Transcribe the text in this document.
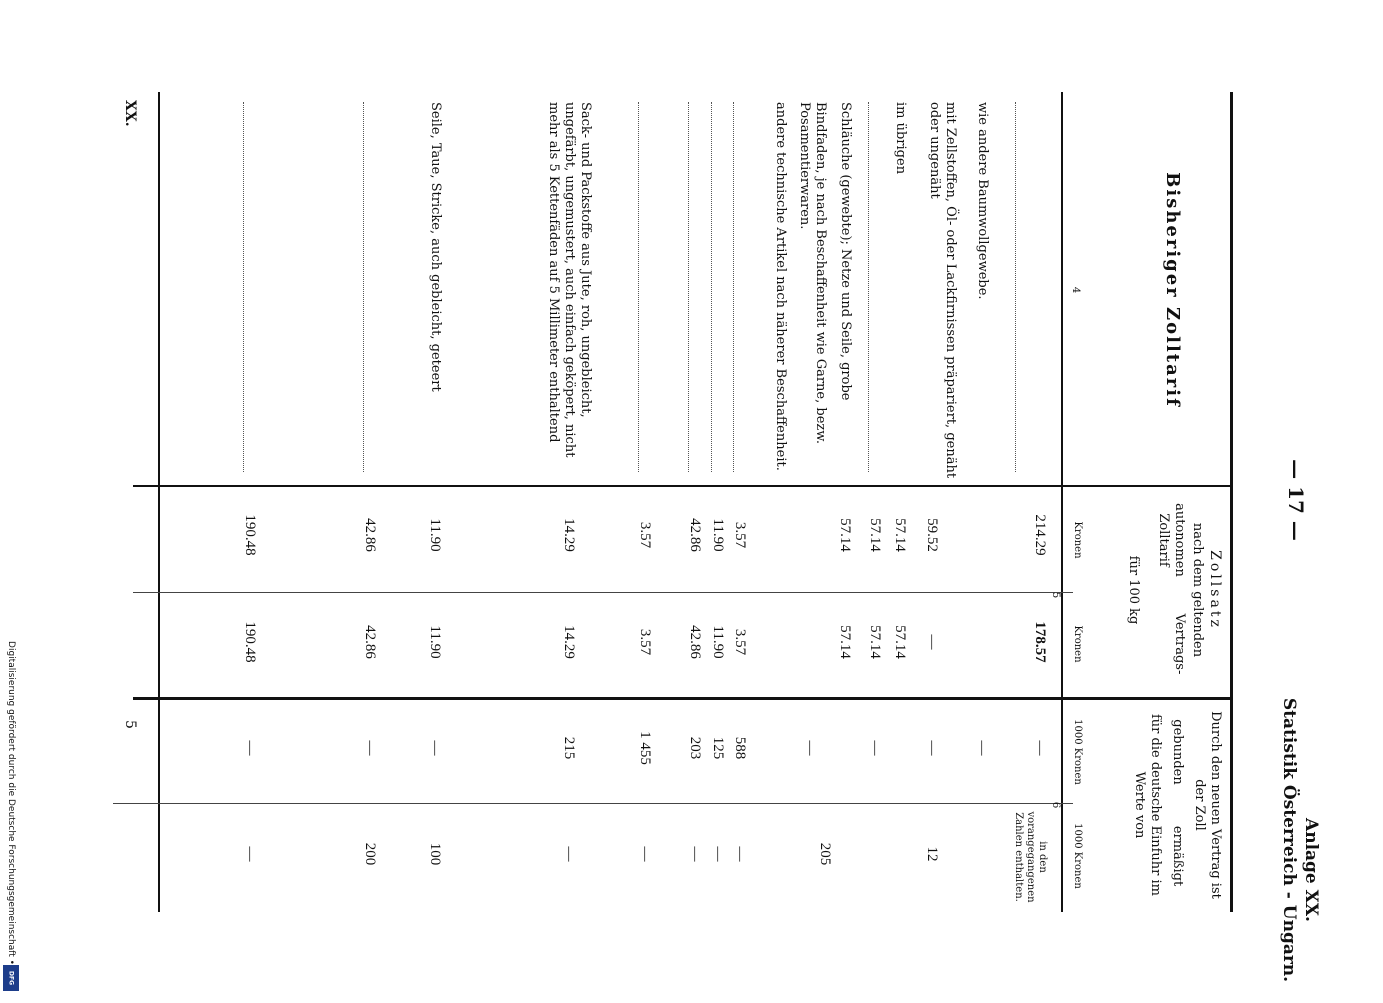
Digitalisierung gefördert durch die Deutsche Forschungsgemeinschaft •
DFG
— 17 —
Anlage XX.
Statistik Österreich - Ungarn.
Bisheriger Zolltarif
4
Zollsatz
nach dem geltenden
autonomen Zolltarif
Vertrags-
für 100 kg
Kronen
Kronen
5
Durch den neuen Vertrag ist der Zoll
gebunden
ermäßigt
für die deutsche Einfuhr im Werte von
1000 Kronen
1000 Kronen
6
214.29
178.57
—
in den vorangegangenen Zahlen enthalten.
wie andere Baumwollgewebe.
—
mit Zellstoffen, Öl- oder Lackfirnissen präpariert, genäht oder ungenäht
59.52
—
—
12
im übrigen
57.14
57.14
57.14
57.14
—
Schläuche (gewebte); Netze und Seile, grobe
57.14
57.14
205
Bindfaden, je nach Beschaffenheit wie Garne, bezw. Posamentierwaren.
—
andere technische Artikel nach näherer Beschaffenheit.
3.57
3.57
588
—
11.90
11.90
125
—
42.86
42.86
203
—
3.57
3.57
1 455
—
Sack- und Packstoffe aus Jute, roh, ungebleicht, ungefärbt, ungemustert, auch einfach geköpert, nicht mehr als 5 Kettenfäden auf 5 Millimeter enthaltend
14.29
14.29
215
—
Seile, Taue, Stricke, auch gebleicht, geteert
11.90
11.90
—
100
42.86
42.86
—
200
190.48
190.48
—
—
XX.
5
